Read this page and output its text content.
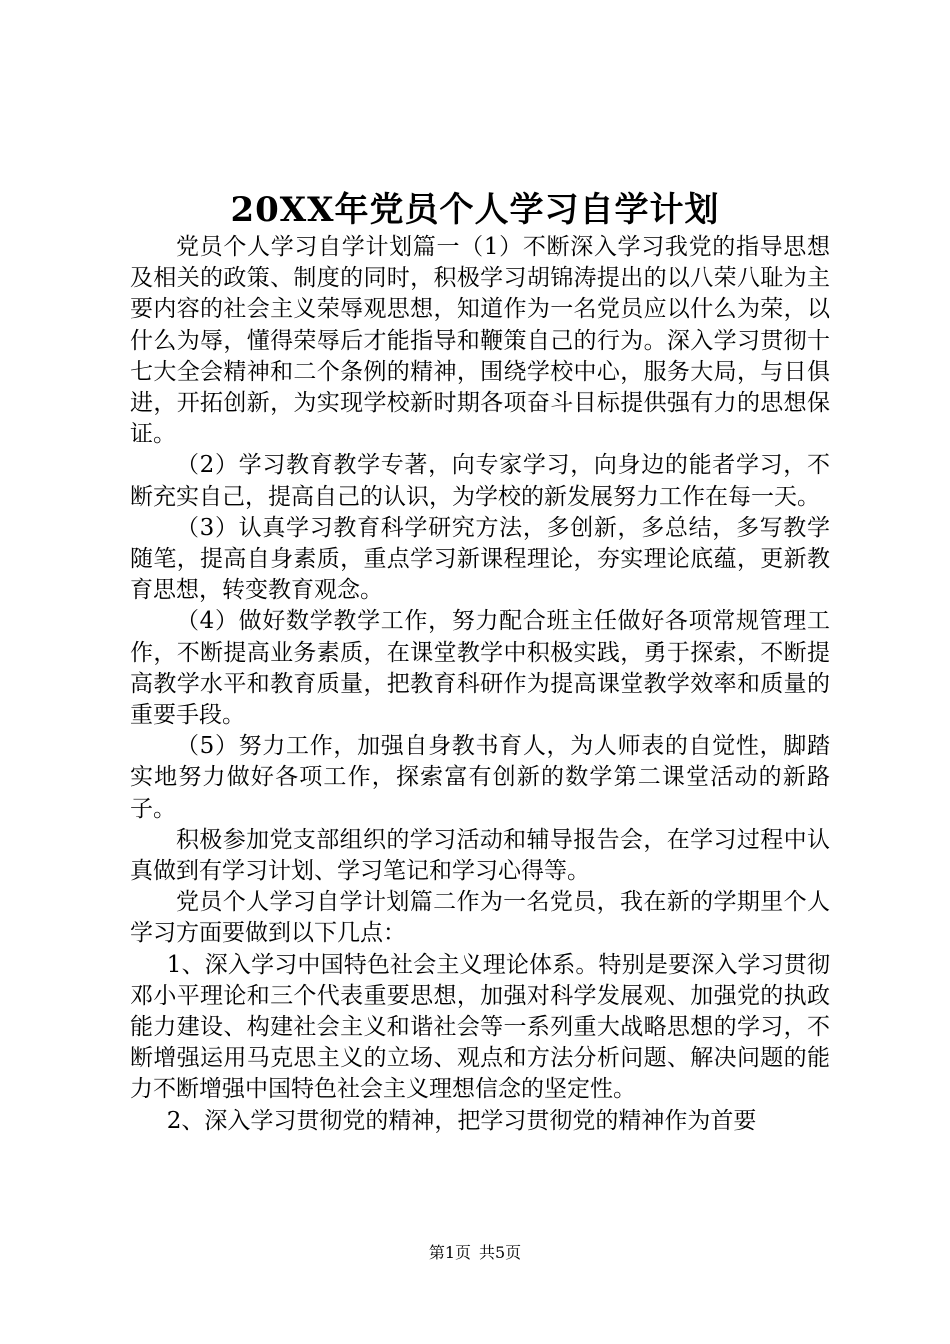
20XX年党员个人学习自学计划

党员个人学习自学计划篇一（1）不断深入学习我党的指导思想及相关的政策、制度的同时，积极学习胡锦涛提出的以八荣八耻为主要内容的社会主义荣辱观思想，知道作为一名党员应以什么为荣，以什么为辱，懂得荣辱后才能指导和鞭策自己的行为。深入学习贯彻十七大全会精神和二个条例的精神，围绕学校中心，服务大局，与日俱进，开拓创新，为实现学校新时期各项奋斗目标提供强有力的思想保证。

（2）学习教育教学专著，向专家学习，向身边的能者学习，不断充实自己，提高自己的认识，为学校的新发展努力工作在每一天。

（3）认真学习教育科学研究方法，多创新，多总结，多写教学随笔，提高自身素质，重点学习新课程理论，夯实理论底蕴，更新教育思想，转变教育观念。

（4）做好数学教学工作，努力配合班主任做好各项常规管理工作，不断提高业务素质，在课堂教学中积极实践，勇于探索，不断提高教学水平和教育质量，把教育科研作为提高课堂教学效率和质量的重要手段。

（5）努力工作，加强自身教书育人，为人师表的自觉性，脚踏实地努力做好各项工作，探索富有创新的数学第二课堂活动的新路子。

积极参加党支部组织的学习活动和辅导报告会，在学习过程中认真做到有学习计划、学习笔记和学习心得等。

党员个人学习自学计划篇二作为一名党员，我在新的学期里个人学习方面要做到以下几点：

1、深入学习中国特色社会主义理论体系。特别是要深入学习贯彻邓小平理论和三个代表重要思想，加强对科学发展观、加强党的执政能力建设、构建社会主义和谐社会等一系列重大战略思想的学习，不断增强运用马克思主义的立场、观点和方法分析问题、解决问题的能力不断增强中国特色社会主义理想信念的坚定性。

2、深入学习贯彻党的精神，把学习贯彻党的精神作为首要

第1页 共5页
